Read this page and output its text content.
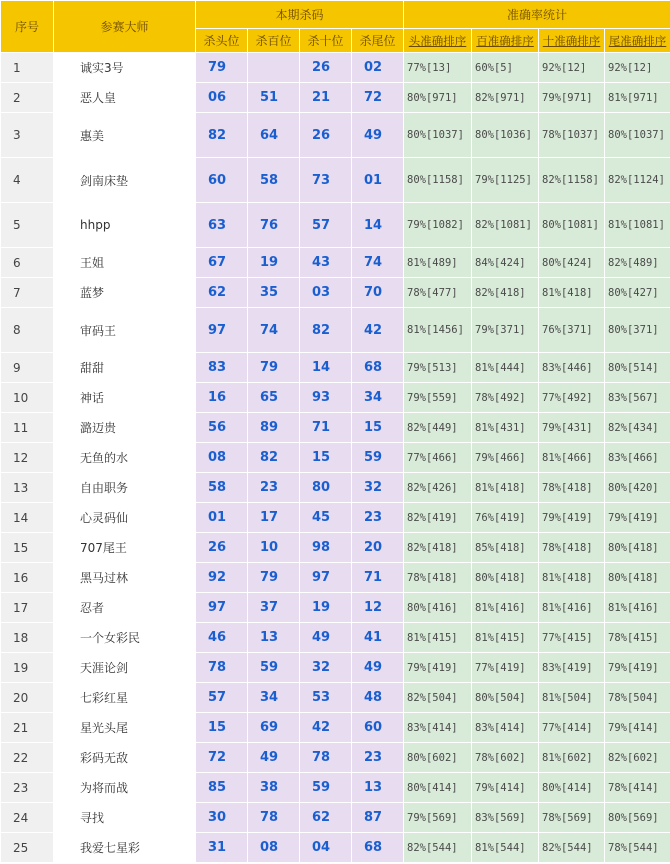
序号	参赛大师	本期杀码				准确率统计			
		杀头位	杀百位	杀十位	杀尾位	头准确排序	百准确排序	十准确排序	尾准确排序
1	诚实3号	79		26	02	77%[13]	60%[5]	92%[12]	92%[12]
2	恶人皇	06	51	21	72	80%[971]	82%[971]	79%[971]	81%[971]
3	惠美	82	64	26	49	80%[1037]	80%[1036]	78%[1037]	80%[1037]
4	剑南床垫	60	58	73	01	80%[1158]	79%[1125]	82%[1158]	82%[1124]
5	hhpp	63	76	57	14	79%[1082]	82%[1081]	80%[1081]	81%[1081]
6	王姐	67	19	43	74	81%[489]	84%[424]	80%[424]	82%[489]
7	蓝梦	62	35	03	70	78%[477]	82%[418]	81%[418]	80%[427]
8	审码王	97	74	82	42	81%[1456]	79%[371]	76%[371]	80%[371]
9	甜甜	83	79	14	68	79%[513]	81%[444]	83%[446]	80%[514]
10	神话	16	65	93	34	79%[559]	78%[492]	77%[492]	83%[567]
11	潞迈贵	56	89	71	15	82%[449]	81%[431]	79%[431]	82%[434]
12	无鱼的水	08	82	15	59	77%[466]	79%[466]	81%[466]	83%[466]
13	自由职务	58	23	80	32	82%[426]	81%[418]	78%[418]	80%[420]
14	心灵码仙	01	17	45	23	82%[419]	76%[419]	79%[419]	79%[419]
15	707尾王	26	10	98	20	82%[418]	85%[418]	78%[418]	80%[418]
16	黑马过林	92	79	97	71	78%[418]	80%[418]	81%[418]	80%[418]
17	忍者	97	37	19	12	80%[416]	81%[416]	81%[416]	81%[416]
18	一个女彩民	46	13	49	41	81%[415]	81%[415]	77%[415]	78%[415]
19	天涯论剑	78	59	32	49	79%[419]	77%[419]	83%[419]	79%[419]
20	七彩红星	57	34	53	48	82%[504]	80%[504]	81%[504]	78%[504]
21	星光头尾	15	69	42	60	83%[414]	83%[414]	77%[414]	79%[414]
22	彩码无敌	72	49	78	23	80%[602]	78%[602]	81%[602]	82%[602]
23	为将而战	85	38	59	13	80%[414]	79%[414]	80%[414]	78%[414]
24	寻找	30	78	62	87	79%[569]	83%[569]	78%[569]	80%[569]
25	我爱七星彩	31	08	04	68	82%[544]	81%[544]	82%[544]	78%[544]
